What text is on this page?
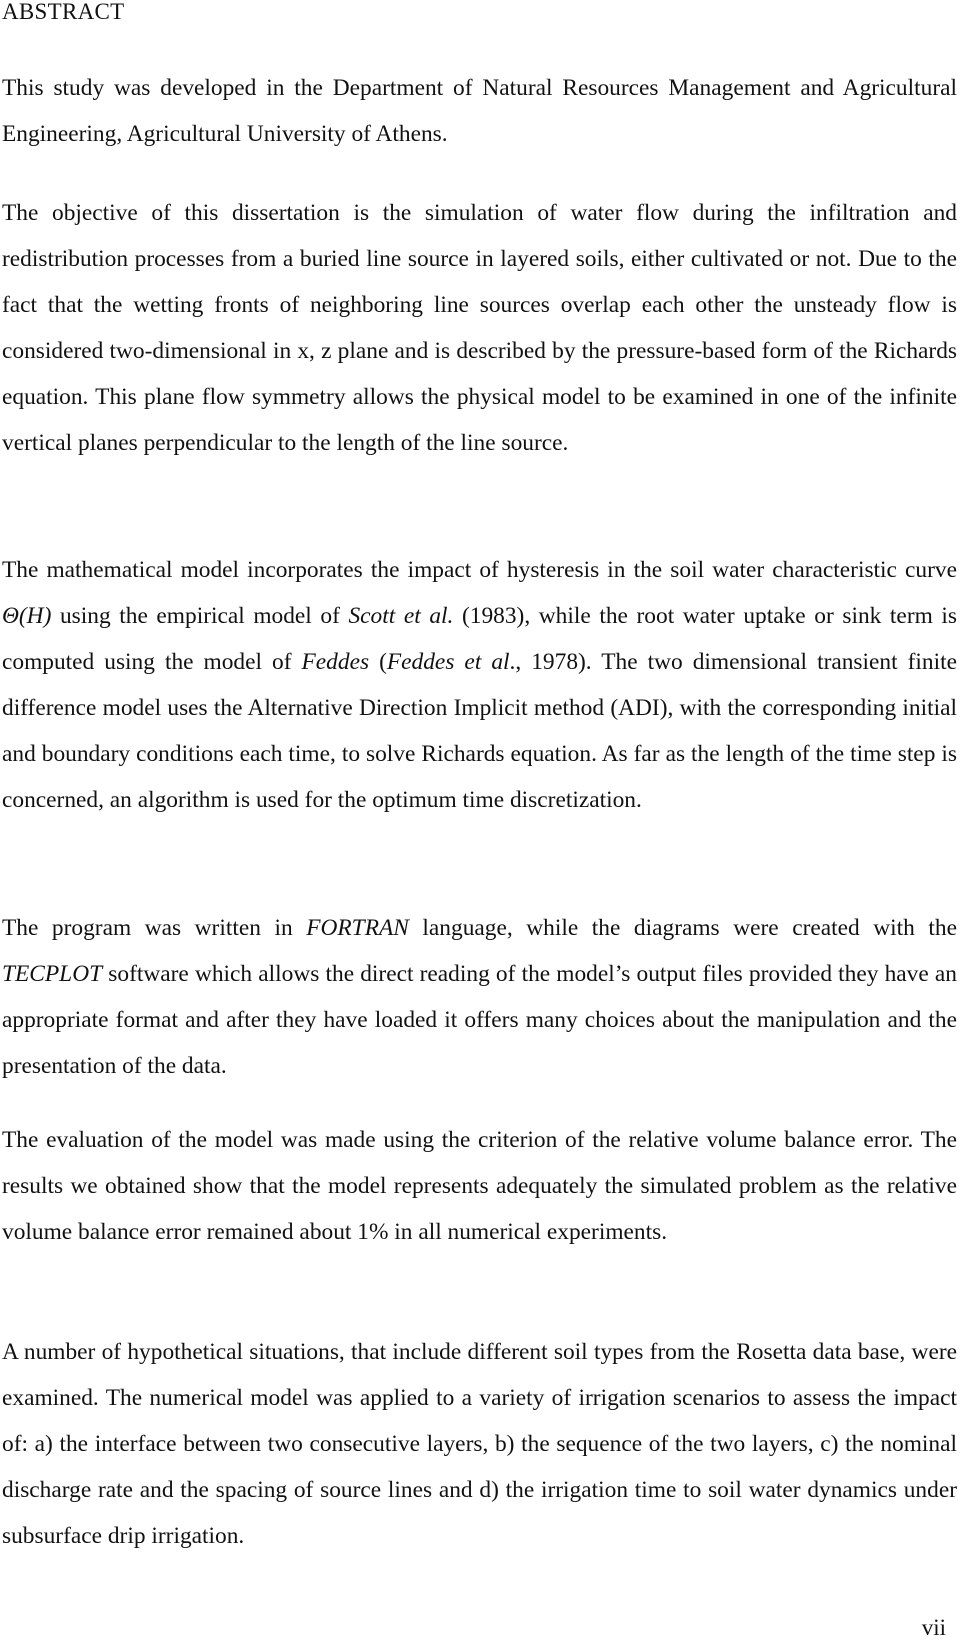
ABSTRACT

This study was developed in the Department of Natural Resources Management and Agricultural Engineering, Agricultural University of Athens.

The objective of this dissertation is the simulation of water flow during the infiltration and redistribution processes from a buried line source in layered soils, either cultivated or not. Due to the fact that the wetting fronts of neighboring line sources overlap each other the unsteady flow is considered two-dimensional in x, z plane and is described by the pressure-based form of the Richards equation. This plane flow symmetry allows the physical model to be examined in one of the infinite vertical planes perpendicular to the length of the line source.

The mathematical model incorporates the impact of hysteresis in the soil water characteristic curve Θ(H) using the empirical model of Scott et al. (1983), while the root water uptake or sink term is computed using the model of Feddes (Feddes et al., 1978). The two dimensional transient finite difference model uses the Alternative Direction Implicit method (ADI), with the corresponding initial and boundary conditions each time, to solve Richards equation. As far as the length of the time step is concerned, an algorithm is used for the optimum time discretization.

The program was written in FORTRAN language, while the diagrams were created with the TECPLOT software which allows the direct reading of the model’s output files provided they have an appropriate format and after they have loaded it offers many choices about the manipulation and the presentation of the data.

The evaluation of the model was made using the criterion of the relative volume balance error. The results we obtained show that the model represents adequately the simulated problem as the relative volume balance error remained about 1% in all numerical experiments.

A number of hypothetical situations, that include different soil types from the Rosetta data base, were examined. The numerical model was applied to a variety of irrigation scenarios to assess the impact of: a) the interface between two consecutive layers, b) the sequence of the two layers, c) the nominal discharge rate and the spacing of source lines and d) the irrigation time to soil water dynamics under subsurface drip irrigation.

vii
